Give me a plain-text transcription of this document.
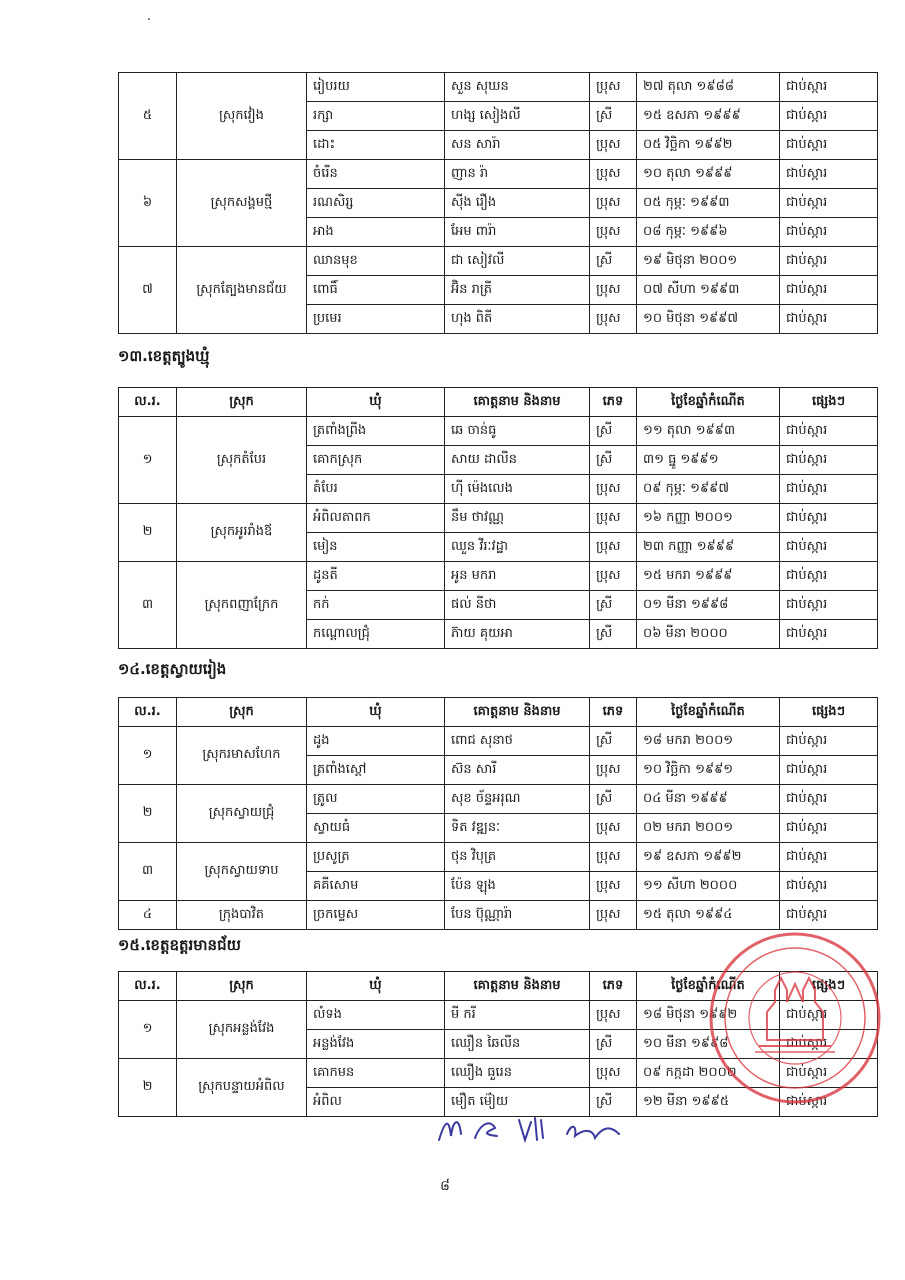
៥	ស្រុកវៀង	រៀបរយ	សួន សុឃន	ប្រុស	២៧ តុលា ១៩៨៨	ជាប់ស្ការ
		រក្សា	ហង្ស សៀងលី	ស្រី	១៥ ឧសភា ១៩៩៩	ជាប់ស្ការ
		ដោះ	សន សារ៉ា	ប្រុស	០៥ វិច្ឆិកា ១៩៩២	ជាប់ស្ការ
៦	ស្រុកសង្គមថ្មី	ចំរើន	ញាន រ៉ា	ប្រុស	១០ តុលា ១៩៩៩	ជាប់ស្ការ
		រណសិរ្ស	ស៊ីង រឿង	ប្រុស	០៥ កុម្ភៈ ១៩៩៣	ជាប់ស្ការ
		អាង	អែម ពារ៉ា	ប្រុស	០៨ កុម្ភៈ ១៩៩៦	ជាប់ស្ការ
៧	ស្រុកត្បែងមានជ័យ	ឈានមុខ	ជា សៀវលី	ស្រី	១៩ មិថុនា ២០០១	ជាប់ស្ការ
		ពោធិ៍	អ៊ិន រាត្រី	ប្រុស	០៧ សីហា ១៩៩៣	ជាប់ស្ការ
		ប្រមេរ	ហុង ពិតី	ប្រុស	១០ មិថុនា ១៩៩៧	ជាប់ស្ការ
១៣.ខេត្តត្បូងឃ្មុំ
ល.រ.	ស្រុក	ឃុំ	គោត្តនាម និងនាម	ភេទ	ថ្ងៃខែឆ្នាំកំណើត	ផ្សេងៗ
១	ស្រុកតំបែរ	ត្រពាំងព្រីង	ឆេ ចាន់ធូ	ស្រី	១១ តុលា ១៩៩៣	ជាប់ស្ការ
		គោកស្រុក	សាយ ដាលីន	ស្រី	៣១ ធ្នូ ១៩៩១	ជាប់ស្ការ
		តំបែរ	ហ៊ី ម៉េងលេង	ប្រុស	០៩ កុម្ភៈ ១៩៩៧	ជាប់ស្ការ
២	ស្រុកអូររាំងឪ	អំពិលតាពក	នឹម ថាវណ្ណ	ប្រុស	១៦ កញ្ញា ២០០១	ជាប់ស្ការ
		មៀន	ឈួន វីរៈវដ្ឋា	ប្រុស	២៣ កញ្ញា ១៩៩៩	ជាប់ស្ការ
៣	ស្រុកពញាក្រែក	ដូនតី	អូន មករា	ប្រុស	១៥ មករា ១៩៩៩	ជាប់ស្ការ
		កក់	ផល់ នីថា	ស្រី	០១ មីនា ១៩៩៨	ជាប់ស្ការ
		កណ្ដោលជ្រុំ	ភ៊ាយ គុយអា	ស្រី	០៦ មីនា ២០០០	ជាប់ស្ការ
១៤.ខេត្តស្វាយរៀង
ល.រ.	ស្រុក	ឃុំ	គោត្តនាម និងនាម	ភេទ	ថ្ងៃខែឆ្នាំកំណើត	ផ្សេងៗ
១	ស្រុករមាសហែក	ដូង	ពោជ សុនាថ	ស្រី	១៨ មករា ២០០១	ជាប់ស្ការ
		ត្រពាំងស្ដៅ	ស៊ន សារី	ប្រុស	១០ វិច្ឆិកា ១៩៩១	ជាប់ស្ការ
២	ស្រុកស្វាយជ្រុំ	ត្រូល	សុខ ច័ន្ទអរុណ	ស្រី	០៤ មីនា ១៩៩៩	ជាប់ស្ការ
		ស្វាយធំ	ទិត វឌ្ឍនៈ	ប្រុស	០២ មករា ២០០១	ជាប់ស្ការ
៣	ស្រុកស្វាយទាប	ប្រសូត្រ	ថុន វិបុត្រ	ប្រុស	១៩ ឧសភា ១៩៩២	ជាប់ស្ការ
		គគីសោម	ប៉ែន ឡុង	ប្រុស	១១ សីហា ២០០០	ជាប់ស្ការ
៤	ក្រុងបាវិត	ច្រកម្ទេស	បែន ប៊ុណ្ណារ៉ា	ប្រុស	១៥ តុលា ១៩៩៤	ជាប់ស្ការ
១៥.ខេត្តឧត្តរមានជ័យ
ល.រ.	ស្រុក	ឃុំ	គោត្តនាម និងនាម	ភេទ	ថ្ងៃខែឆ្នាំកំណើត	ផ្សេងៗ
១	ស្រុកអន្លង់វែង	លំទង	មី ករី	ប្រុស	១៨ មិថុនា ១៩៩២	ជាប់ស្ការ
		អន្លង់វែង	ឈឿន ឆៃលីន	ស្រី	១០ មីនា ១៩៩៨	ជាប់ស្ការ
២	ស្រុកបន្ទាយអំពិល	គោកមន	ឈឿង ធួរេន	ប្រុស	០៩ កក្កដា ២០០២	ជាប់ស្ការ
		អំពិល	មឿត ម៉ៀយ	ស្រី	១២ មីនា ១៩៩៥	ជាប់ស្ការ
៨
